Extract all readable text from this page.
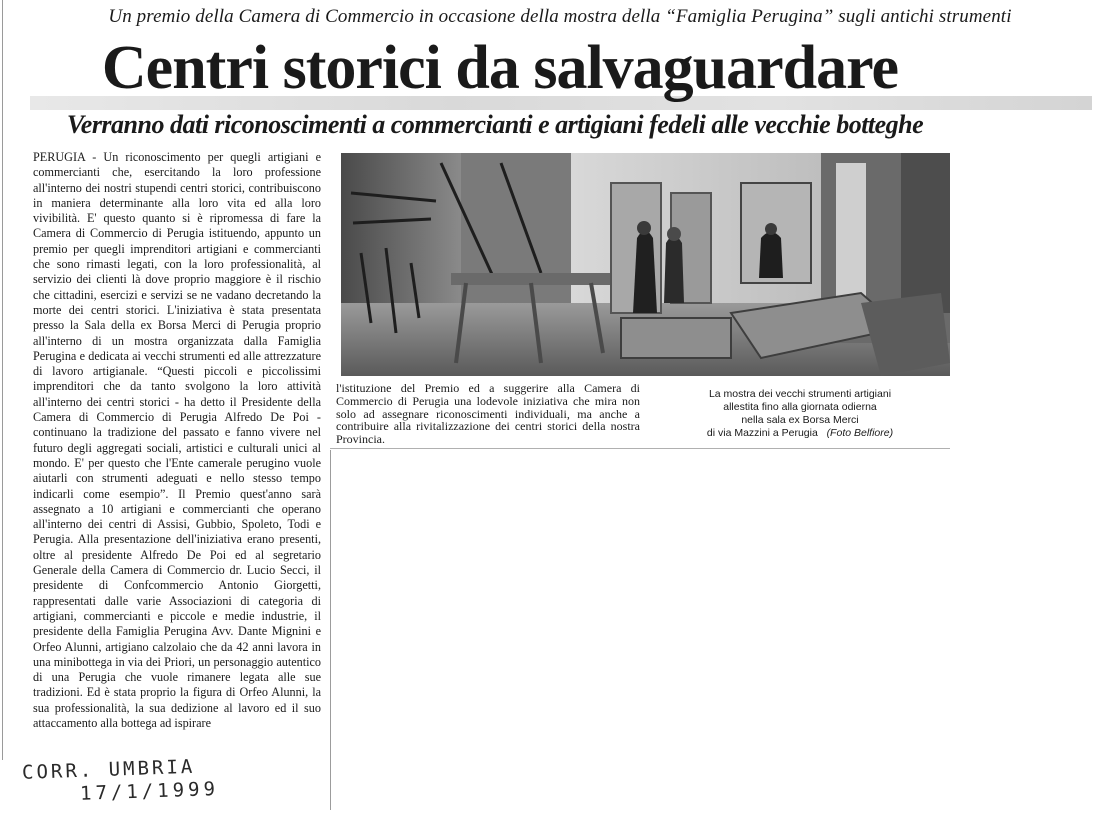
Un premio della Camera di Commercio in occasione della mostra della “Famiglia Perugina” sugli antichi strumenti
Centri storici da salvaguardare
Verranno dati riconoscimenti a commercianti e artigiani fedeli alle vecchie botteghe

PERUGIA - Un riconoscimento per quegli artigiani e commercianti che, esercitando la loro professione all'interno dei nostri stupendi centri storici, contribuiscono in maniera determinante alla loro vita ed alla loro vivibilità. E' questo quanto si è ripromessa di fare la Camera di Commercio di Perugia istituendo, appunto un premio per quegli imprenditori artigiani e commercianti che sono rimasti legati, con la loro professionalità, al servizio dei clienti là dove proprio maggiore è il rischio che cittadini, esercizi e servizi se ne vadano decretando la morte dei centri storici. L'iniziativa è stata presentata presso la Sala della ex Borsa Merci di Perugia proprio all'interno di un mostra organizzata dalla Famiglia Perugina e dedicata ai vecchi strumenti ed alle attrezzature di lavoro artigianale. “Questi piccoli e piccolissimi imprenditori che da tanto svolgono la loro attività all'interno dei centri storici - ha detto il Presidente della Camera di Commercio di Perugia Alfredo De Poi - continuano la tradizione del passato e fanno vivere nel futuro degli aggregati sociali, artistici e culturali unici al mondo. E' per questo che l'Ente camerale perugino vuole aiutarli con strumenti adeguati e nello stesso tempo indicarli come esempio”. Il Premio quest'anno sarà assegnato a 10 artigiani e commercianti che operano all'interno dei centri di Assisi, Gubbio, Spoleto, Todi e Perugia. Alla presentazione dell'iniziativa erano presenti, oltre al presidente Alfredo De Poi ed al segretario Generale della Camera di Commercio dr. Lucio Secci, il presidente di Confcommercio Antonio Giorgetti, rappresentati dalle varie Associazioni di categoria di artigiani, commercianti e piccole e medie industrie, il presidente della Famiglia Perugina Avv. Dante Mignini e Orfeo Alunni, artigiano calzolaio che da 42 anni lavora in una minibottega in via dei Priori, un personaggio autentico di una Perugia che vuole rimanere legata alle sue tradizioni. Ed è stata proprio la figura di Orfeo Alunni, la sua professionalità, la sua dedizione al lavoro ed il suo attaccamento alla bottega ad ispirare

l'istituzione del Premio ed a suggerire alla Camera di Commercio di Perugia una lodevole iniziativa che mira non solo ad assegnare riconoscimenti individuali, ma anche a contribuire alla rivitalizzazione dei centri storici della nostra Provincia.

La mostra dei vecchi strumenti artigiani
allestita fino alla giornata odierna
nella sala ex Borsa Merci
di via Mazzini a Perugia (Foto Belfiore)
CORR. UMBRIA
17/1/1999
